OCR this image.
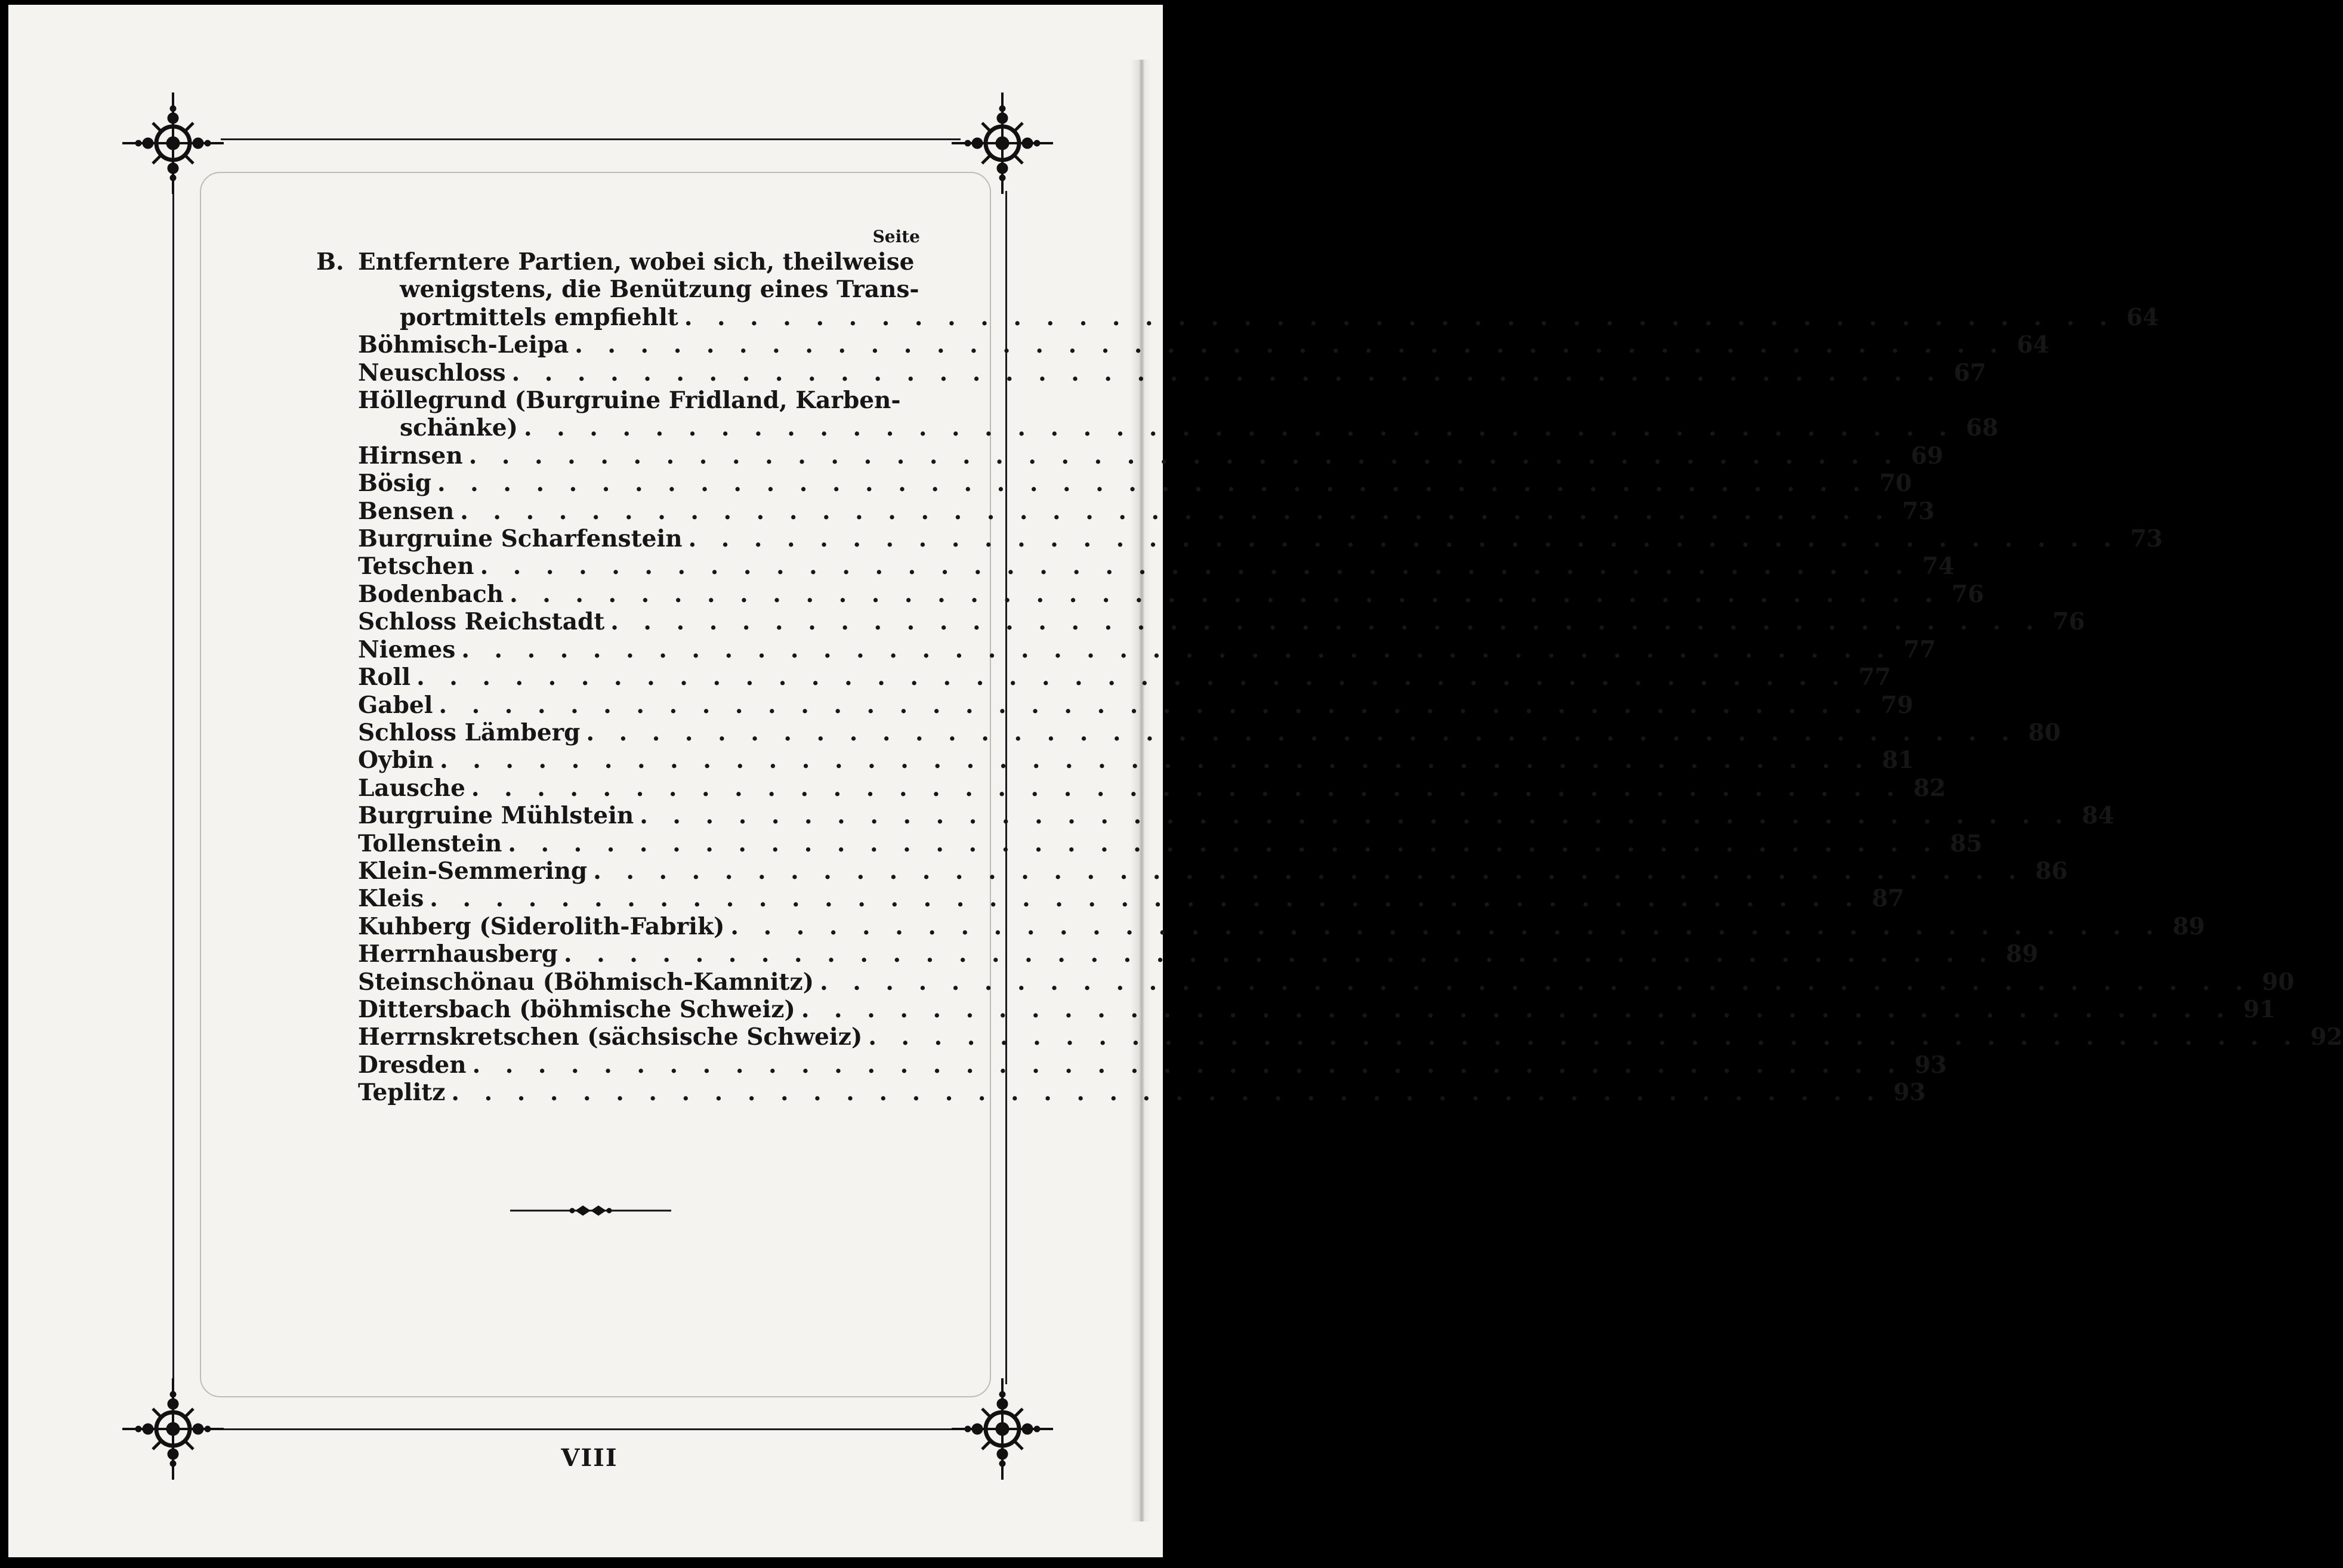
Seite
B. Entferntere Partien, wobei sich, theilweise
wenigstens, die Benützung eines Trans-
portmittels empfiehlt . . . . . . . . . . . . . . . . . . . . . . . . . . . . . . . . . . . . . . . . . . . . 64
Böhmisch-Leipa . . . . . . . . . . . . . . . . . . . . . . . . . . . . . . . . . . . . . . . . . . . . 64
Neuschloss . . . . . . . . . . . . . . . . . . . . . . . . . . . . . . . . . . . . . . . . . . . . 67
Höllegrund (Burgruine Fridland, Karben-
schänke) . . . . . . . . . . . . . . . . . . . . . . . . . . . . . . . . . . . . . . . . . . . . 68
Hirnsen . . . . . . . . . . . . . . . . . . . . . . . . . . . . . . . . . . . . . . . . . . . . 69
Bösig . . . . . . . . . . . . . . . . . . . . . . . . . . . . . . . . . . . . . . . . . . . . 70
Bensen . . . . . . . . . . . . . . . . . . . . . . . . . . . . . . . . . . . . . . . . . . . . 73
Burgruine Scharfenstein . . . . . . . . . . . . . . . . . . . . . . . . . . . . . . . . . . . . . . . . . . . . 73
Tetschen . . . . . . . . . . . . . . . . . . . . . . . . . . . . . . . . . . . . . . . . . . . . 74
Bodenbach . . . . . . . . . . . . . . . . . . . . . . . . . . . . . . . . . . . . . . . . . . . . 76
Schloss Reichstadt . . . . . . . . . . . . . . . . . . . . . . . . . . . . . . . . . . . . . . . . . . . . 76
Niemes . . . . . . . . . . . . . . . . . . . . . . . . . . . . . . . . . . . . . . . . . . . . 77
Roll . . . . . . . . . . . . . . . . . . . . . . . . . . . . . . . . . . . . . . . . . . . . 77
Gabel . . . . . . . . . . . . . . . . . . . . . . . . . . . . . . . . . . . . . . . . . . . . 79
Schloss Lämberg . . . . . . . . . . . . . . . . . . . . . . . . . . . . . . . . . . . . . . . . . . . . 80
Oybin . . . . . . . . . . . . . . . . . . . . . . . . . . . . . . . . . . . . . . . . . . . . 81
Lausche . . . . . . . . . . . . . . . . . . . . . . . . . . . . . . . . . . . . . . . . . . . . 82
Burgruine Mühlstein . . . . . . . . . . . . . . . . . . . . . . . . . . . . . . . . . . . . . . . . . . . . 84
Tollenstein . . . . . . . . . . . . . . . . . . . . . . . . . . . . . . . . . . . . . . . . . . . . 85
Klein-Semmering . . . . . . . . . . . . . . . . . . . . . . . . . . . . . . . . . . . . . . . . . . . . 86
Kleis . . . . . . . . . . . . . . . . . . . . . . . . . . . . . . . . . . . . . . . . . . . . 87
Kuhberg (Siderolith-Fabrik) . . . . . . . . . . . . . . . . . . . . . . . . . . . . . . . . . . . . . . . . . . . . 89
Herrnhausberg . . . . . . . . . . . . . . . . . . . . . . . . . . . . . . . . . . . . . . . . . . . . 89
Steinschönau (Böhmisch-Kamnitz) . . . . . . . . . . . . . . . . . . . . . . . . . . . . . . . . . . . . . . . . . . . . 90
Dittersbach (böhmische Schweiz) . . . . . . . . . . . . . . . . . . . . . . . . . . . . . . . . . . . . . . . . . . . . 91
Herrnskretschen (sächsische Schweiz) . . . . . . . . . . . . . . . . . . . . . . . . . . . . . . . . . . . . . . . . . . . . 92
Dresden . . . . . . . . . . . . . . . . . . . . . . . . . . . . . . . . . . . . . . . . . . . . 93
Teplitz . . . . . . . . . . . . . . . . . . . . . . . . . . . . . . . . . . . . . . . . . . . . 93
VIII
